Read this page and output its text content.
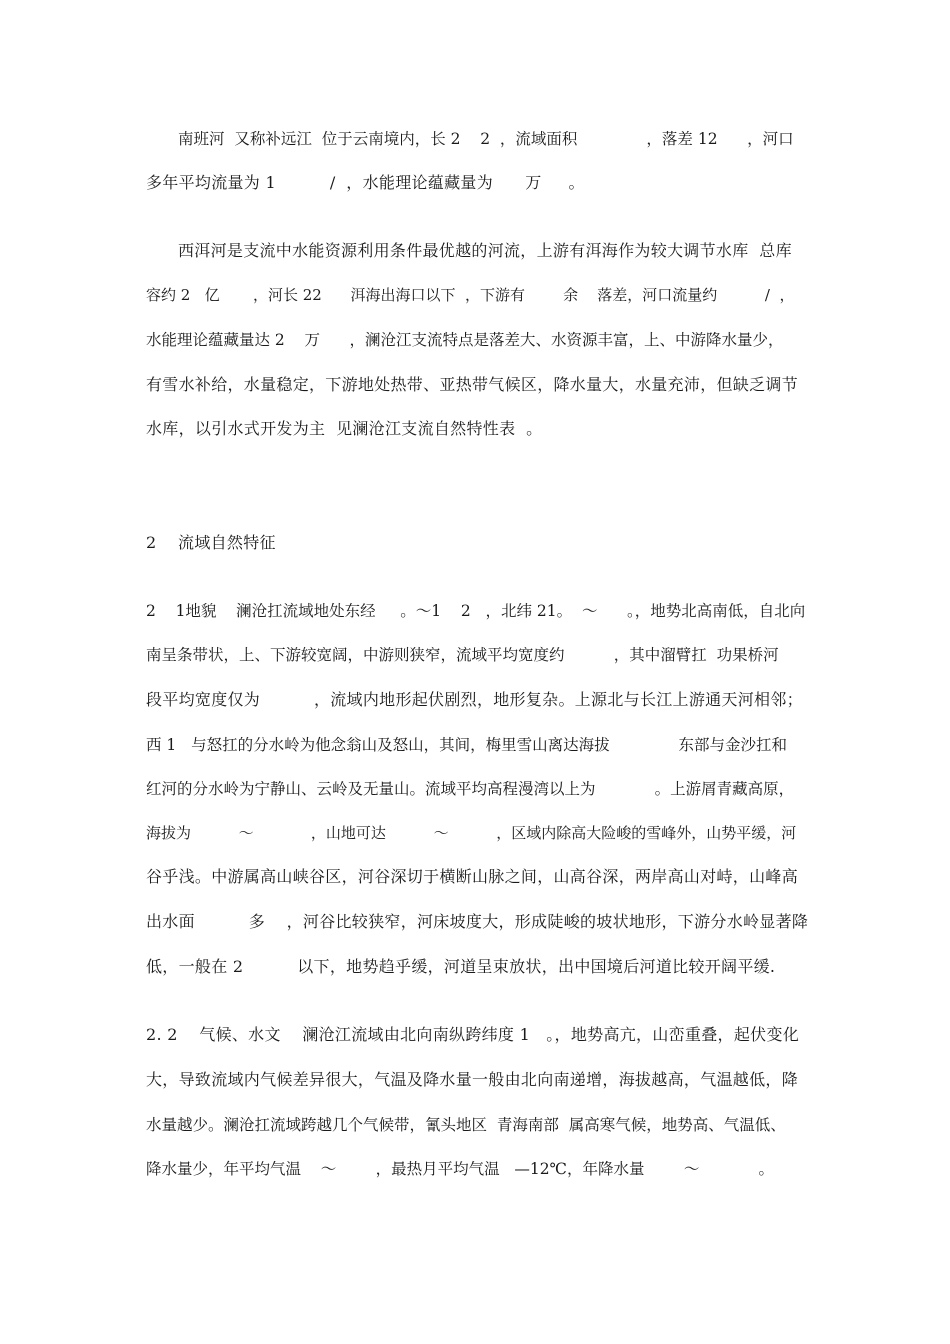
南班河  又称补远江  位于云南境内，长 2    2  ，流域面积              ，落差 12      ，河口
多年平均流量为 1          /  ，水能理论蕴藏量为      万     。
西洱河是支流中水能资源利用条件最优越的河流，上游有洱海作为较大调节水库  总库
容约 2   亿       ，河长 22      洱海出海口以下  ，下游有        余    落差，河口流量约          /  ，
水能理论蕴藏量达 2    万      ，澜沧江支流特点是落差大、水资源丰富，上、中游降水量少，
有雪水补给，水量稳定，下游地处热带、亚热带气候区，降水量大，水量充沛，但缺乏调节
水库，以引水式开发为主  见澜沧江支流自然特性表  。
2    流域自然特征
2    1地貌    澜沧扛流域地处东经     。～1    2   ，北纬 21。  ～      。，地势北高南低，自北向
南呈条带状，上、下游较宽阔，中游则狭窄，流域平均宽度约          ，其中溜臂扛  功果桥河
段平均宽度仅为          ，流域内地形起伏剧烈，地形复杂。上源北与长江上游通天河相邻；
西 1   与怒扛的分水岭为他念翁山及怒山，其间，梅里雪山离达海拔              东部与金沙扛和
红河的分水岭为宁静山、云岭及无量山。流域平均高程漫湾以上为            。上游屑青藏高原，
海拔为          ～            ，山地可达          ～          ，区域内除高大险峻的雪峰外，山势平缓，河
谷乎浅。中游属高山峡谷区，河谷深切于横断山脉之间，山高谷深，两岸高山对峙，山峰高
出水面          多    ，河谷比较狭窄，河床坡度大，形成陡峻的坡状地形，下游分水岭显著降
低，一般在 2          以下，地势趋乎缓，河道呈束放状，出中国境后河道比较开阔平缓.
2. 2    气候、水文    澜沧江流域由北向南纵跨纬度 1   。，地势高亢，山峦重叠，起伏变化
大，导致流域内气候差异很大，气温及降水量一般由北向南递增，海拔越高，气温越低，降
水量越少。澜沧扛流域跨越几个气候带，氰头地区  青海南部  属高寒气候，地势高、气温低、
降水量少，年平均气温    ～        ，最热月平均气温   —12℃，年降水量        ～            。
